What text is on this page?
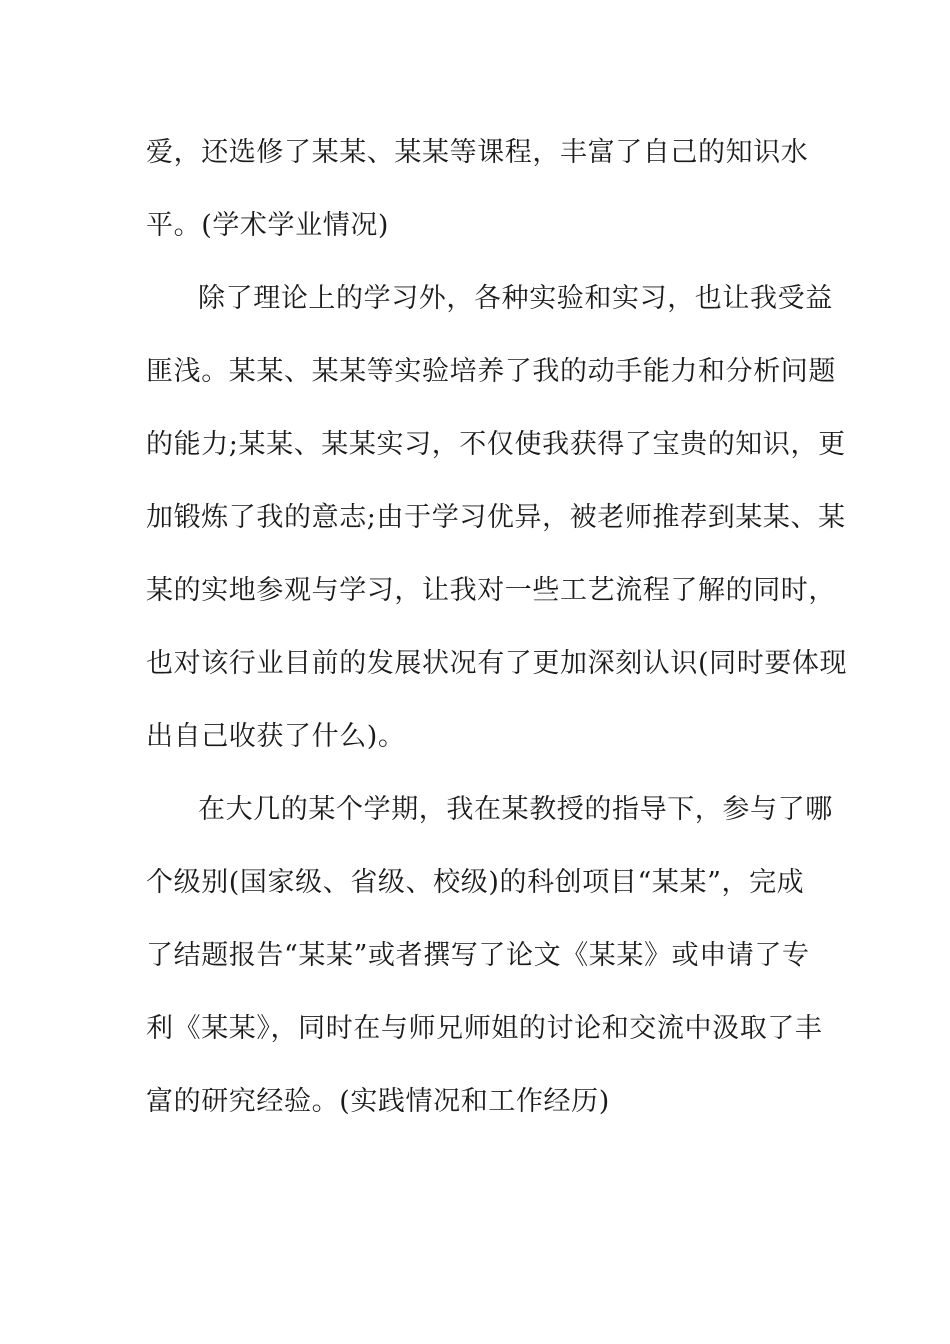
爱，还选修了某某、某某等课程，丰富了自己的知识水
平。(学术学业情况)
除了理论上的学习外，各种实验和实习，也让我受益
匪浅。某某、某某等实验培养了我的动手能力和分析问题
的能力;某某、某某实习，不仅使我获得了宝贵的知识，更
加锻炼了我的意志;由于学习优异，被老师推荐到某某、某
某的实地参观与学习，让我对一些工艺流程了解的同时，
也对该行业目前的发展状况有了更加深刻认识(同时要体现
出自己收获了什么)。
在大几的某个学期，我在某教授的指导下，参与了哪
个级别(国家级、省级、校级)的科创项目“某某”，完成
了结题报告“某某”或者撰写了论文《某某》或申请了专
利《某某》，同时在与师兄师姐的讨论和交流中汲取了丰
富的研究经验。(实践情况和工作经历)
